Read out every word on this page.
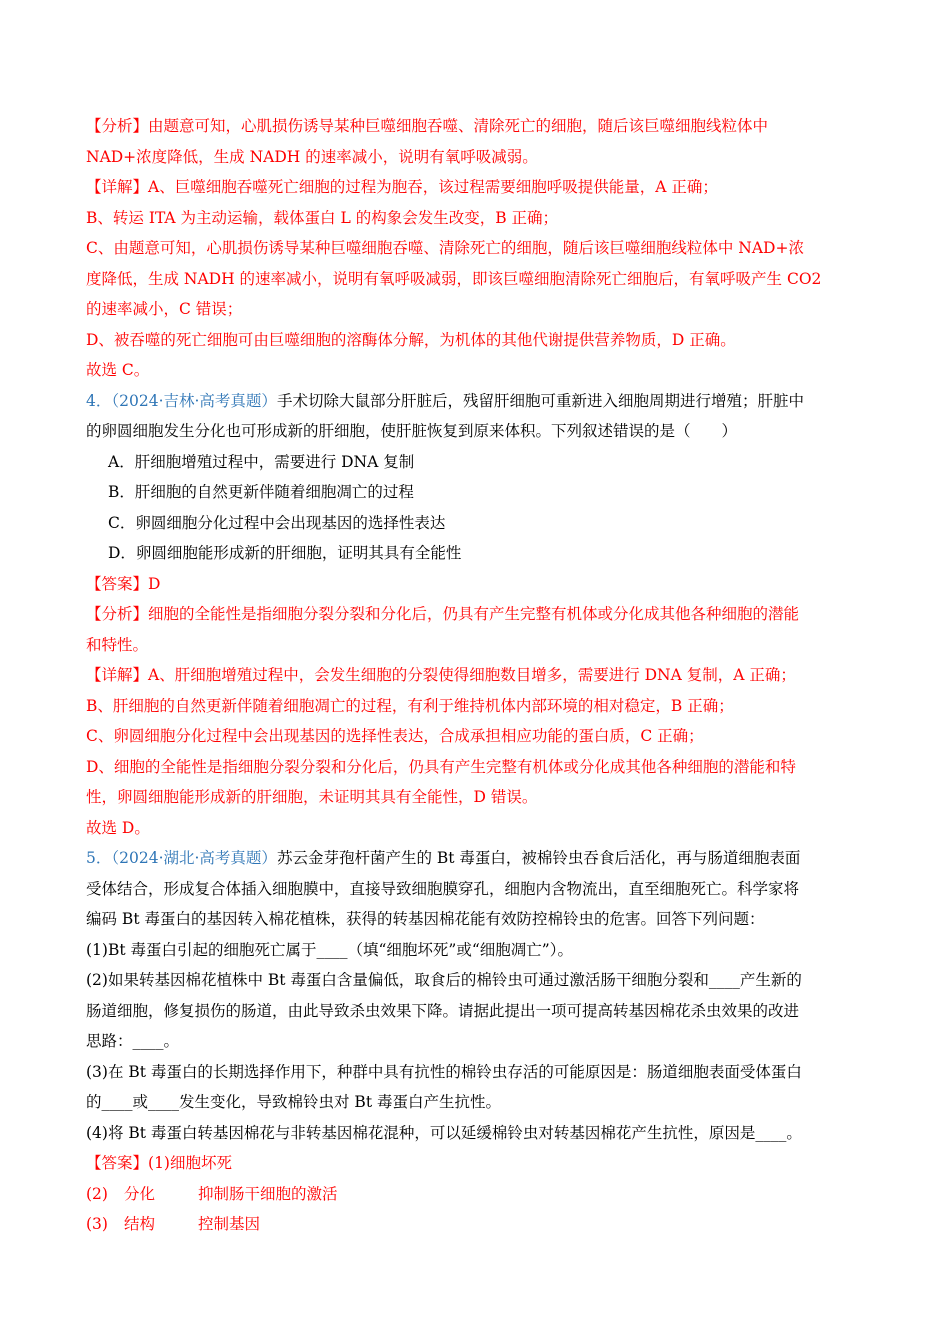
【分析】由题意可知，心肌损伤诱导某种巨噬细胞吞噬、清除死亡的细胞，随后该巨噬细胞线粒体中
NAD+浓度降低，生成 NADH 的速率减小，说明有氧呼吸减弱。
【详解】A、巨噬细胞吞噬死亡细胞的过程为胞吞，该过程需要细胞呼吸提供能量，A 正确；
B、转运 ITA 为主动运输，载体蛋白 L 的构象会发生改变，B 正确；
C、由题意可知，心肌损伤诱导某种巨噬细胞吞噬、清除死亡的细胞，随后该巨噬细胞线粒体中 NAD+浓
度降低，生成 NADH 的速率减小，说明有氧呼吸减弱，即该巨噬细胞清除死亡细胞后，有氧呼吸产生 CO2
的速率减小，C 错误；
D、被吞噬的死亡细胞可由巨噬细胞的溶酶体分解，为机体的其他代谢提供营养物质，D 正确。
故选 C。
4．（2024·吉林·高考真题）手术切除大鼠部分肝脏后，残留肝细胞可重新进入细胞周期进行增殖；肝脏中
的卵圆细胞发生分化也可形成新的肝细胞，使肝脏恢复到原来体积。下列叙述错误的是（　　）
A．肝细胞增殖过程中，需要进行 DNA 复制
B．肝细胞的自然更新伴随着细胞凋亡的过程
C．卵圆细胞分化过程中会出现基因的选择性表达
D．卵圆细胞能形成新的肝细胞，证明其具有全能性
【答案】D
【分析】细胞的全能性是指细胞分裂分裂和分化后，仍具有产生完整有机体或分化成其他各种细胞的潜能
和特性。
【详解】A、肝细胞增殖过程中，会发生细胞的分裂使得细胞数目增多，需要进行 DNA 复制，A 正确；
B、肝细胞的自然更新伴随着细胞凋亡的过程，有利于维持机体内部环境的相对稳定，B 正确；
C、卵圆细胞分化过程中会出现基因的选择性表达，合成承担相应功能的蛋白质，C 正确；
D、细胞的全能性是指细胞分裂分裂和分化后，仍具有产生完整有机体或分化成其他各种细胞的潜能和特
性，卵圆细胞能形成新的肝细胞，未证明其具有全能性，D 错误。
故选 D。
5．（2024·湖北·高考真题）苏云金芽孢杆菌产生的 Bt 毒蛋白，被棉铃虫吞食后活化，再与肠道细胞表面
受体结合，形成复合体插入细胞膜中，直接导致细胞膜穿孔，细胞内含物流出，直至细胞死亡。科学家将
编码 Bt 毒蛋白的基因转入棉花植株，获得的转基因棉花能有效防控棉铃虫的危害。回答下列问题：
(1)Bt 毒蛋白引起的细胞死亡属于____（填“细胞坏死”或“细胞凋亡”）。
(2)如果转基因棉花植株中 Bt 毒蛋白含量偏低，取食后的棉铃虫可通过激活肠干细胞分裂和____产生新的
肠道细胞，修复损伤的肠道，由此导致杀虫效果下降。请据此提出一项可提高转基因棉花杀虫效果的改进
思路：____。
(3)在 Bt 毒蛋白的长期选择作用下，种群中具有抗性的棉铃虫存活的可能原因是：肠道细胞表面受体蛋白
的____或____发生变化，导致棉铃虫对 Bt 毒蛋白产生抗性。
(4)将 Bt 毒蛋白转基因棉花与非转基因棉花混种，可以延缓棉铃虫对转基因棉花产生抗性，原因是____。
【答案】(1)细胞坏死
(2) 分化	抑制肠干细胞的激活
(3) 结构	控制基因
